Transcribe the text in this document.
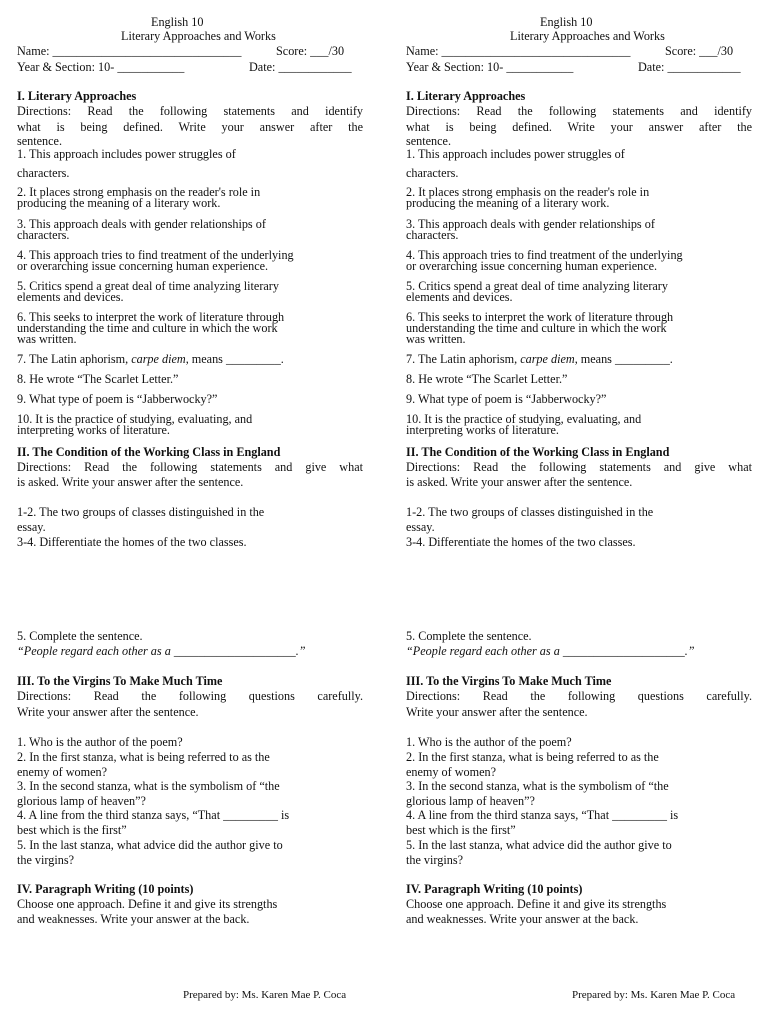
English 10
Literary Approaches and Works
Name: _______________________________	Score: ___/30
Year & Section: 10- ___________	Date: ____________
I. Literary Approaches
Directions: Read the following statements and identify
what is being defined. Write your answer after the
sentence.
1. This approach includes power struggles of
characters.
2. It places strong emphasis on the reader's role in
producing the meaning of a literary work.
3. This approach deals with gender relationships of
characters.
4. This approach tries to find treatment of the underlying
or overarching issue concerning human experience.
5. Critics spend a great deal of time analyzing literary
elements and devices.
6. This seeks to interpret the work of literature through
understanding the time and culture in which the work
was written.
7. The Latin aphorism, carpe diem, means _________.
8. He wrote “The Scarlet Letter.”
9. What type of poem is “Jabberwocky?”
10. It is the practice of studying, evaluating, and
interpreting works of literature.
II. The Condition of the Working Class in England
Directions: Read the following statements and give what
is asked. Write your answer after the sentence.
1-2. The two groups of classes distinguished in the
essay.
3-4. Differentiate the homes of the two classes.
5. Complete the sentence.
“People regard each other as a ____________________.”
III. To the Virgins To Make Much Time
Directions: Read the following questions carefully.
Write your answer after the sentence.
1. Who is the author of the poem?
2. In the first stanza, what is being referred to as the
enemy of women?
3. In the second stanza, what is the symbolism of “the
glorious lamp of heaven”?
4. A line from the third stanza says, “That _________ is
best which is the first”
5. In the last stanza, what advice did the author give to
the virgins?
IV. Paragraph Writing (10 points)
Choose one approach. Define it and give its strengths
and weaknesses. Write your answer at the back.
Prepared by: Ms. Karen Mae P. Coca
English 10
Literary Approaches and Works
Name: _______________________________	Score: ___/30
Year & Section: 10- ___________	Date: ____________
I. Literary Approaches
Directions: Read the following statements and identify
what is being defined. Write your answer after the
sentence.
1. This approach includes power struggles of
characters.
2. It places strong emphasis on the reader's role in
producing the meaning of a literary work.
3. This approach deals with gender relationships of
characters.
4. This approach tries to find treatment of the underlying
or overarching issue concerning human experience.
5. Critics spend a great deal of time analyzing literary
elements and devices.
6. This seeks to interpret the work of literature through
understanding the time and culture in which the work
was written.
7. The Latin aphorism, carpe diem, means _________.
8. He wrote “The Scarlet Letter.”
9. What type of poem is “Jabberwocky?”
10. It is the practice of studying, evaluating, and
interpreting works of literature.
II. The Condition of the Working Class in England
Directions: Read the following statements and give what
is asked. Write your answer after the sentence.
1-2. The two groups of classes distinguished in the
essay.
3-4. Differentiate the homes of the two classes.
5. Complete the sentence.
“People regard each other as a ____________________.”
III. To the Virgins To Make Much Time
Directions: Read the following questions carefully.
Write your answer after the sentence.
1. Who is the author of the poem?
2. In the first stanza, what is being referred to as the
enemy of women?
3. In the second stanza, what is the symbolism of “the
glorious lamp of heaven”?
4. A line from the third stanza says, “That _________ is
best which is the first”
5. In the last stanza, what advice did the author give to
the virgins?
IV. Paragraph Writing (10 points)
Choose one approach. Define it and give its strengths
and weaknesses. Write your answer at the back.
Prepared by: Ms. Karen Mae P. Coca
